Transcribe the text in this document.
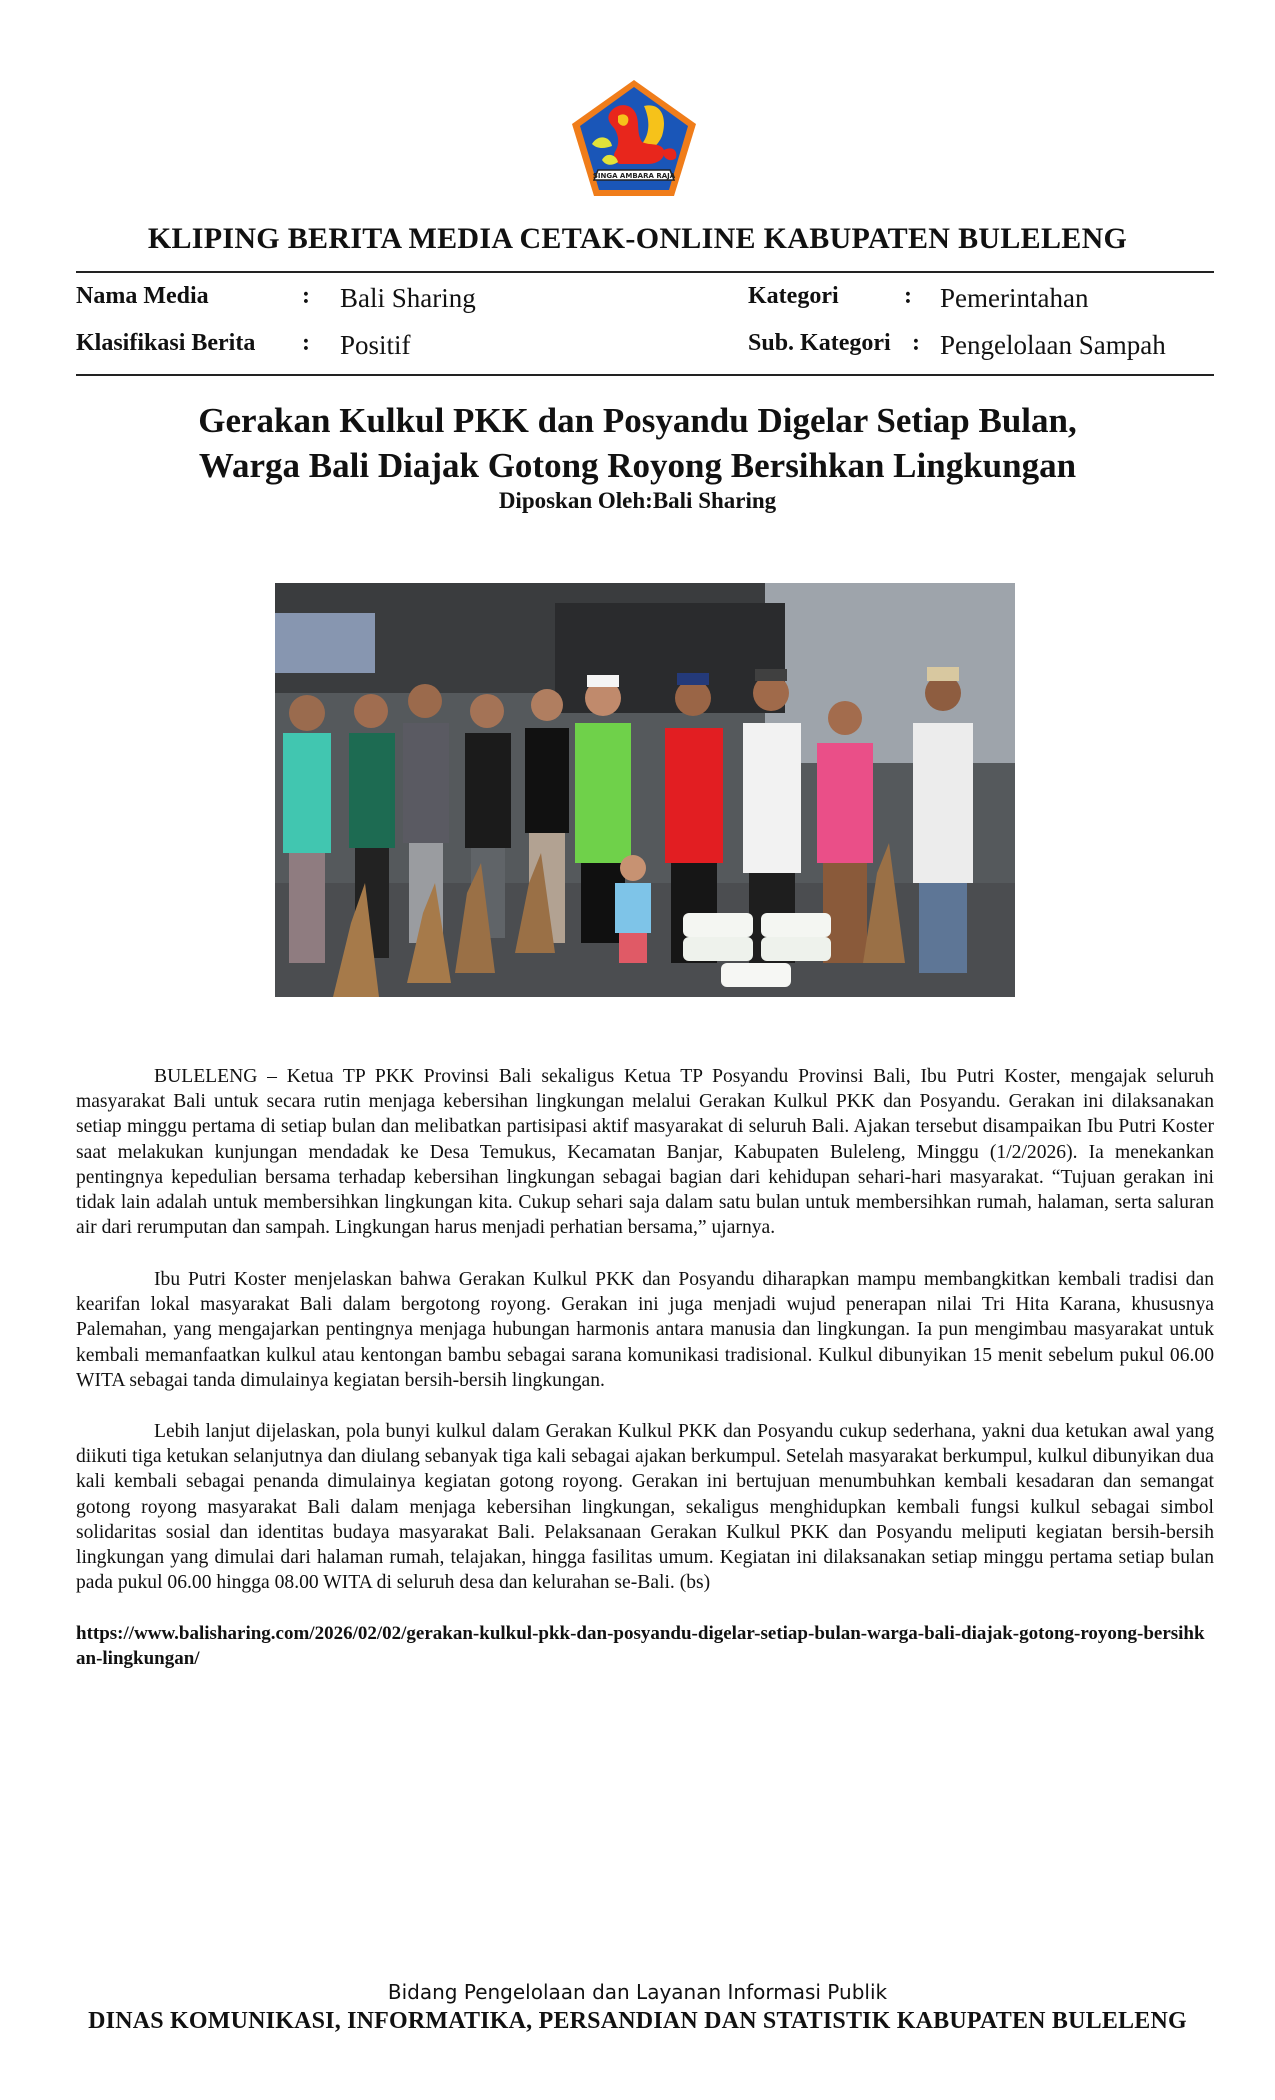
SINGA AMBARA RAJA
KLIPING BERITA MEDIA CETAK-ONLINE KABUPATEN BULELENG
Nama Media	: Bali Sharing
Klasifikasi Berita : Positif
Kategori	: Pemerintahan
Sub. Kategori : Pengelolaan Sampah
Gerakan Kulkul PKK dan Posyandu Digelar Setiap Bulan,
Warga Bali Diajak Gotong Royong Bersihkan Lingkungan
Diposkan Oleh:Bali Sharing

BULELENG – Ketua TP PKK Provinsi Bali sekaligus Ketua TP Posyandu Provinsi Bali, Ibu Putri Koster, mengajak seluruh masyarakat Bali untuk secara rutin menjaga kebersihan lingkungan melalui Gerakan Kulkul PKK dan Posyandu. Gerakan ini dilaksanakan setiap minggu pertama di setiap bulan dan melibatkan partisipasi aktif masyarakat di seluruh Bali. Ajakan tersebut disampaikan Ibu Putri Koster saat melakukan kunjungan mendadak ke Desa Temukus, Kecamatan Banjar, Kabupaten Buleleng, Minggu (1/2/2026). Ia menekankan pentingnya kepedulian bersama terhadap kebersihan lingkungan sebagai bagian dari kehidupan sehari-hari masyarakat. “Tujuan gerakan ini tidak lain adalah untuk membersihkan lingkungan kita. Cukup sehari saja dalam satu bulan untuk membersihkan rumah, halaman, serta saluran air dari rerumputan dan sampah. Lingkungan harus menjadi perhatian bersama,” ujarnya.

Ibu Putri Koster menjelaskan bahwa Gerakan Kulkul PKK dan Posyandu diharapkan mampu membangkitkan kembali tradisi dan kearifan lokal masyarakat Bali dalam bergotong royong. Gerakan ini juga menjadi wujud penerapan nilai Tri Hita Karana, khususnya Palemahan, yang mengajarkan pentingnya menjaga hubungan harmonis antara manusia dan lingkungan. Ia pun mengimbau masyarakat untuk kembali memanfaatkan kulkul atau kentongan bambu sebagai sarana komunikasi tradisional. Kulkul dibunyikan 15 menit sebelum pukul 06.00 WITA sebagai tanda dimulainya kegiatan bersih-bersih lingkungan.

Lebih lanjut dijelaskan, pola bunyi kulkul dalam Gerakan Kulkul PKK dan Posyandu cukup sederhana, yakni dua ketukan awal yang diikuti tiga ketukan selanjutnya dan diulang sebanyak tiga kali sebagai ajakan berkumpul. Setelah masyarakat berkumpul, kulkul dibunyikan dua kali kembali sebagai penanda dimulainya kegiatan gotong royong. Gerakan ini bertujuan menumbuhkan kembali kesadaran dan semangat gotong royong masyarakat Bali dalam menjaga kebersihan lingkungan, sekaligus menghidupkan kembali fungsi kulkul sebagai simbol solidaritas sosial dan identitas budaya masyarakat Bali. Pelaksanaan Gerakan Kulkul PKK dan Posyandu meliputi kegiatan bersih-bersih lingkungan yang dimulai dari halaman rumah, telajakan, hingga fasilitas umum. Kegiatan ini dilaksanakan setiap minggu pertama setiap bulan pada pukul 06.00 hingga 08.00 WITA di seluruh desa dan kelurahan se-Bali. (bs)

https://www.balisharing.com/2026/02/02/gerakan-kulkul-pkk-dan-posyandu-digelar-setiap-bulan-warga-bali-diajak-gotong-royong-bersihkan-lingkungan/
Bidang Pengelolaan dan Layanan Informasi Publik
DINAS KOMUNIKASI, INFORMATIKA, PERSANDIAN DAN STATISTIK KABUPATEN BULELENG
